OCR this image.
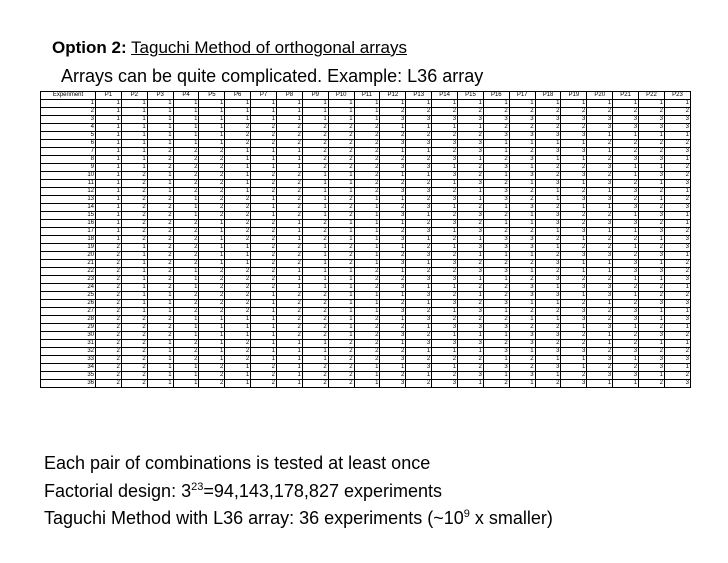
Option 2: Taguchi Method of orthogonal arrays
Arrays can be quite complicated. Example: L36 array
Experiment	P1	P2	P3	P4	P5	P6	P7	P8	P9	P10	P11	P12	P13	P14	P15	P16	P17	P18	P19	P20	P21	P22	P23
1	1	1	1	1	1	1	1	1	1	1	1	1	1	1	1	1	1	1	1	1	1	1	1
2	1	1	1	1	1	1	1	1	1	1	1	2	2	2	2	2	2	2	2	2	2	2	2
3	1	1	1	1	1	1	1	1	1	1	1	3	3	3	3	3	3	3	3	3	3	3	3
4	1	1	1	1	1	2	2	2	2	2	2	1	1	1	1	2	2	2	2	3	3	3	3
5	1	1	1	1	1	2	2	2	2	2	2	2	2	2	2	3	3	3	3	1	1	1	1
6	1	1	1	1	1	2	2	2	2	2	2	3	3	3	3	1	1	1	1	2	2	2	2
7	1	1	2	2	2	1	1	1	2	2	2	1	1	2	3	1	2	3	3	1	2	2	3
8	1	1	2	2	2	1	1	1	2	2	2	2	2	3	1	2	3	1	1	2	3	3	1
9	1	1	2	2	2	1	1	1	2	2	2	3	3	1	2	3	1	2	2	3	1	1	2
10	1	2	1	2	2	1	2	2	1	1	2	1	1	3	2	1	3	2	3	2	1	3	2
11	1	2	1	2	2	1	2	2	1	1	2	2	2	1	3	2	1	3	1	3	2	1	3
12	1	2	1	2	2	1	2	2	1	1	2	3	3	2	1	3	2	1	2	1	3	2	1
13	1	2	2	1	2	2	1	2	1	2	1	1	2	3	1	3	2	1	3	3	2	1	2
14	1	2	2	1	2	2	1	2	1	2	1	2	3	1	2	1	3	2	1	1	3	2	3
15	1	2	2	1	2	2	1	2	1	2	1	3	1	2	3	2	1	3	2	2	1	3	1
16	1	2	2	2	1	2	2	1	2	1	1	1	2	3	2	1	1	3	2	3	3	2	1
17	1	2	2	2	1	2	2	1	2	1	1	2	3	1	3	2	2	1	3	1	1	3	2
18	1	2	2	2	1	2	2	1	2	1	1	3	1	2	1	3	3	2	1	2	2	1	3
19	2	1	2	2	1	1	2	2	1	2	1	1	2	1	3	3	3	1	2	2	1	2	3
20	2	1	2	2	1	1	2	2	1	2	1	2	3	2	1	1	1	2	3	3	2	3	1
21	2	1	2	2	1	1	2	2	1	2	1	3	1	3	2	2	2	3	1	1	3	1	2
22	2	1	2	1	2	2	2	1	1	1	2	1	2	2	3	3	1	2	1	1	3	3	2
23	2	1	2	1	2	2	2	1	1	1	2	2	3	3	1	1	2	3	2	2	1	1	3
24	2	1	2	1	2	2	2	1	1	1	2	3	1	1	2	2	3	1	3	3	2	2	1
25	2	1	1	2	2	2	1	2	2	1	1	1	3	2	1	2	3	3	1	3	1	2	2
26	2	1	1	2	2	2	1	2	2	1	1	2	1	3	2	3	1	1	2	1	2	3	3
27	2	1	1	2	2	2	1	2	2	1	1	3	2	1	3	1	2	2	3	2	3	1	1
28	2	2	2	1	1	1	1	2	2	1	2	1	3	2	2	2	1	1	3	2	3	1	3
29	2	2	2	1	1	1	1	2	2	1	2	2	1	3	3	3	2	2	1	3	1	2	1
30	2	2	2	1	1	1	1	2	2	1	2	3	2	1	1	1	3	3	2	1	2	3	2
31	2	2	1	2	1	2	1	1	1	2	2	1	3	3	3	2	3	2	2	1	2	1	1
32	2	2	1	2	1	2	1	1	1	2	2	2	1	1	1	3	1	3	3	2	3	2	2
33	2	2	1	2	1	2	1	1	1	2	2	3	2	2	2	1	2	1	1	3	1	3	3
34	2	2	1	1	2	1	2	1	2	2	1	1	3	1	2	3	2	3	1	2	2	3	1
35	2	2	1	1	2	1	2	1	2	2	1	2	1	2	3	1	3	1	2	3	3	1	2
36	2	2	1	1	2	1	2	1	2	2	1	3	2	3	1	2	1	2	3	1	1	2	3
Each pair of combinations is tested at least once
Factorial design: $3^{23}=94,143,178,827$ experiments
Taguchi Method with L36 array: 36 experiments ($\sim 10^9$ x smaller)
